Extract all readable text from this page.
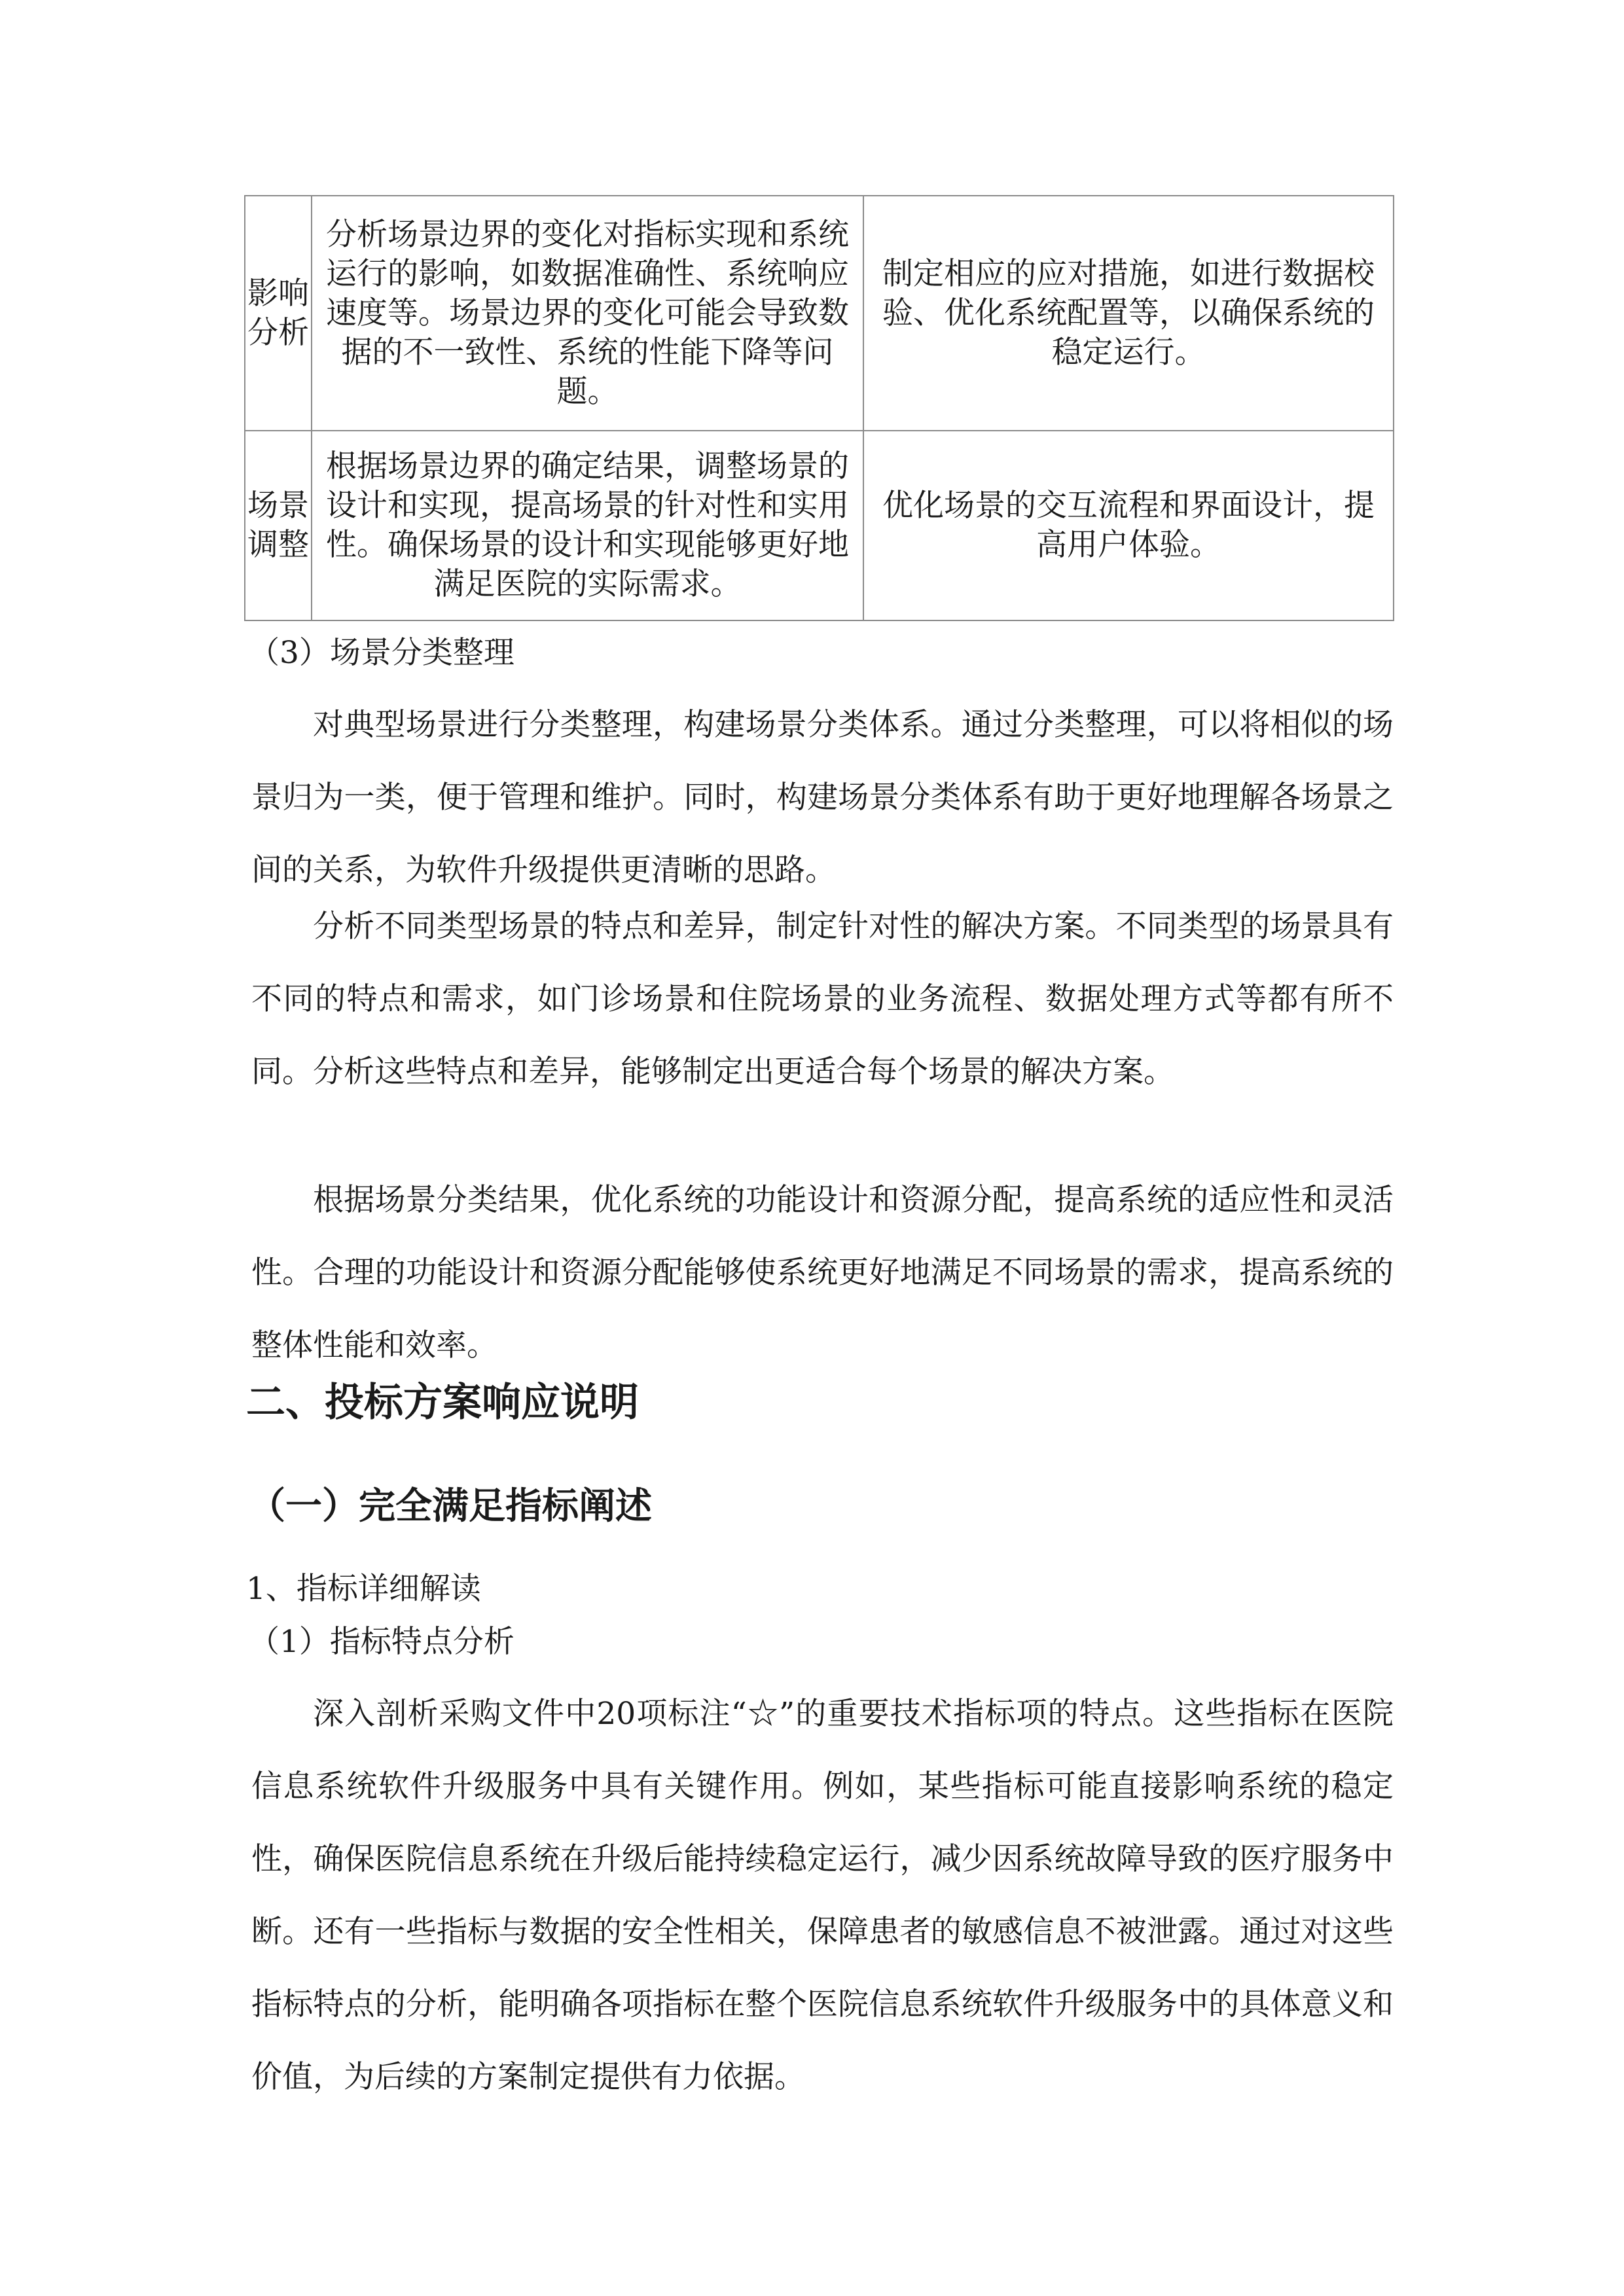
影响分析	分析场景边界的变化对指标实现和系统运行的影响，如数据准确性、系统响应速度等。场景边界的变化可能会导致数据的不一致性、系统的性能下降等问题。	制定相应的应对措施，如进行数据校验、优化系统配置等，以确保系统的稳定运行。
场景调整	根据场景边界的确定结果，调整场景的设计和实现，提高场景的针对性和实用性。确保场景的设计和实现能够更好地满足医院的实际需求。	优化场景的交互流程和界面设计，提高用户体验。

（3）场景分类整理

对典型场景进行分类整理，构建场景分类体系。通过分类整理，可以将相似的场景归为一类，便于管理和维护。同时，构建场景分类体系有助于更好地理解各场景之间的关系，为软件升级提供更清晰的思路。

分析不同类型场景的特点和差异，制定针对性的解决方案。不同类型的场景具有不同的特点和需求，如门诊场景和住院场景的业务流程、数据处理方式等都有所不同。分析这些特点和差异，能够制定出更适合每个场景的解决方案。

根据场景分类结果，优化系统的功能设计和资源分配，提高系统的适应性和灵活性。合理的功能设计和资源分配能够使系统更好地满足不同场景的需求，提高系统的整体性能和效率。

二、投标方案响应说明
（一）完全满足指标阐述

1、指标详细解读

（1）指标特点分析

深入剖析采购文件中20项标注“☆”的重要技术指标项的特点。这些指标在医院信息系统软件升级服务中具有关键作用。例如，某些指标可能直接影响系统的稳定性，确保医院信息系统在升级后能持续稳定运行，减少因系统故障导致的医疗服务中断。还有一些指标与数据的安全性相关，保障患者的敏感信息不被泄露。通过对这些指标特点的分析，能明确各项指标在整个医院信息系统软件升级服务中的具体意义和价值，为后续的方案制定提供有力依据。
